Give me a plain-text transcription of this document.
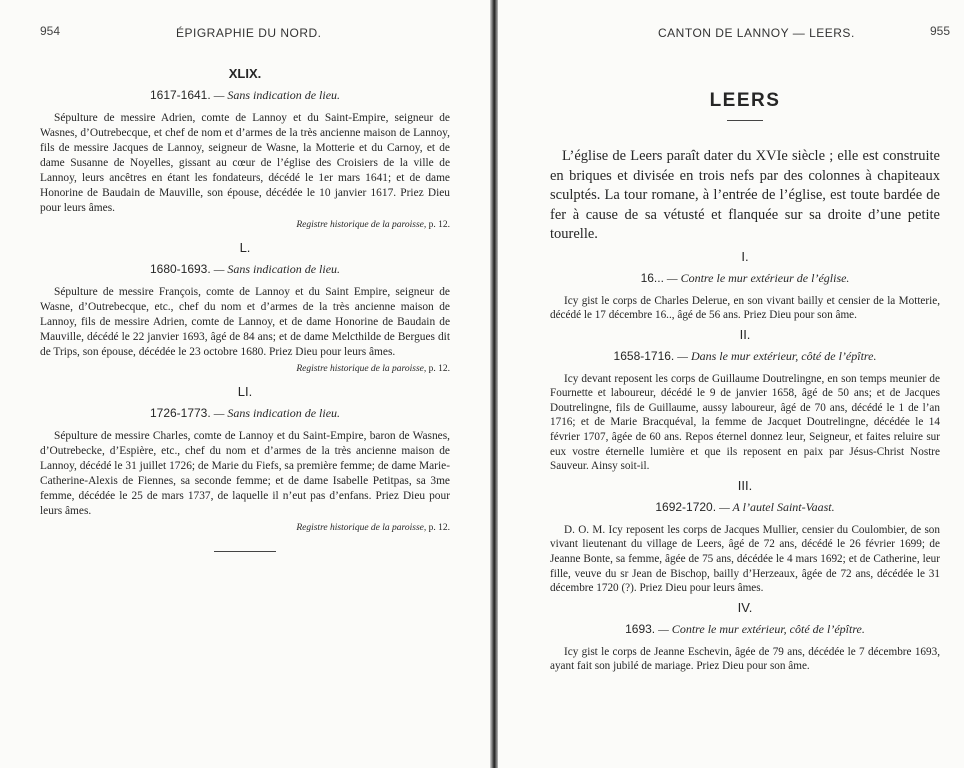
954	ÉPIGRAPHIE DU NORD.
XLIX.
1617-1641. — Sans indication de lieu.

Sépulture de messire Adrien, comte de Lannoy et du Saint-Empire, seigneur de Wasnes, d’Outrebecque, et chef de nom et d’armes de la très ancienne maison de Lannoy, fils de messire Jacques de Lannoy, seigneur de Wasne, la Motterie et du Carnoy, et de dame Susanne de Noyelles, gissant au cœur de l’église des Croisiers de la ville de Lannoy, leurs ancêtres en étant les fondateurs, décédé le 1er mars 1641; et de dame Honorine de Baudain de Mauville, son épouse, décédée le 10 janvier 1617. Priez Dieu pour leurs âmes.

Registre historique de la paroisse, p. 12.
L.
1680-1693. — Sans indication de lieu.

Sépulture de messire François, comte de Lannoy et du Saint Empire, seigneur de Wasne, d’Outrebecque, etc., chef du nom et d’armes de la très ancienne maison de Lannoy, fils de messire Adrien, comte de Lannoy, et de dame Honorine de Baudain de Mauville, décédé le 22 janvier 1693, âgé de 84 ans; et de dame Melcthilde de Bergues dit de Trips, son épouse, décédée le 23 octobre 1680. Priez Dieu pour leurs âmes.

Registre historique de la paroisse, p. 12.
LI.
1726-1773. — Sans indication de lieu.

Sépulture de messire Charles, comte de Lannoy et du Saint-Empire, baron de Wasnes, d’Outrebecke, d’Espière, etc., chef du nom et d’armes de la très ancienne maison de Lannoy, décédé le 31 juillet 1726; de Marie du Fiefs, sa première femme; de dame Marie-Catherine-Alexis de Fiennes, sa seconde femme; et de dame Isabelle Petitpas, sa 3me femme, décédée le 25 de mars 1737, de laquelle il n’eut pas d’enfans. Priez Dieu pour leurs âmes.

Registre historique de la paroisse, p. 12.
CANTON DE LANNOY — LEERS.	955
LEERS

L’église de Leers paraît dater du XVIe siècle ; elle est construite en briques et divisée en trois nefs par des colonnes à chapiteaux sculptés. La tour romane, à l’entrée de l’église, est toute bardée de fer à cause de sa vétusté et flanquée sur sa droite d’une petite tourelle.

I.
16... — Contre le mur extérieur de l’église.

Icy gist le corps de Charles Delerue, en son vivant bailly et censier de la Motterie, décédé le 17 décembre 16.., âgé de 56 ans. Priez Dieu pour son âme.

II.
1658-1716. — Dans le mur extérieur, côté de l’épître.

Icy devant reposent les corps de Guillaume Doutrelingne, en son temps meunier de Fournette et laboureur, décédé le 9 de janvier 1658, âgé de 50 ans; et de Jacques Doutrelingne, fils de Guillaume, aussy laboureur, âgé de 70 ans, décédé le 1 de l’an 1716; et de Marie Bracquéval, la femme de Jacquet Doutrelingne, décédée le 14 février 1707, âgée de 60 ans. Repos éternel donnez leur, Seigneur, et faites reluire sur eux vostre éternelle lumière et que ils reposent en paix par Jésus-Christ Nostre Sauveur. Ainsy soit-il.

III.
1692-1720. — A l’autel Saint-Vaast.

D. O. M. Icy reposent les corps de Jacques Mullier, censier du Coulombier, de son vivant lieutenant du village de Leers, âgé de 72 ans, décédé le 26 février 1699; de Jeanne Bonte, sa femme, âgée de 75 ans, décédée le 4 mars 1692; et de Catherine, leur fille, veuve du sr Jean de Bischop, bailly d’Herzeaux, âgée de 72 ans, décédée le 31 décembre 1720 (?). Priez Dieu pour leurs âmes.

IV.
1693. — Contre le mur extérieur, côté de l’épître.

Icy gist le corps de Jeanne Eschevin, âgée de 79 ans, décédée le 7 décembre 1693, ayant fait son jubilé de mariage. Priez Dieu pour son âme.
